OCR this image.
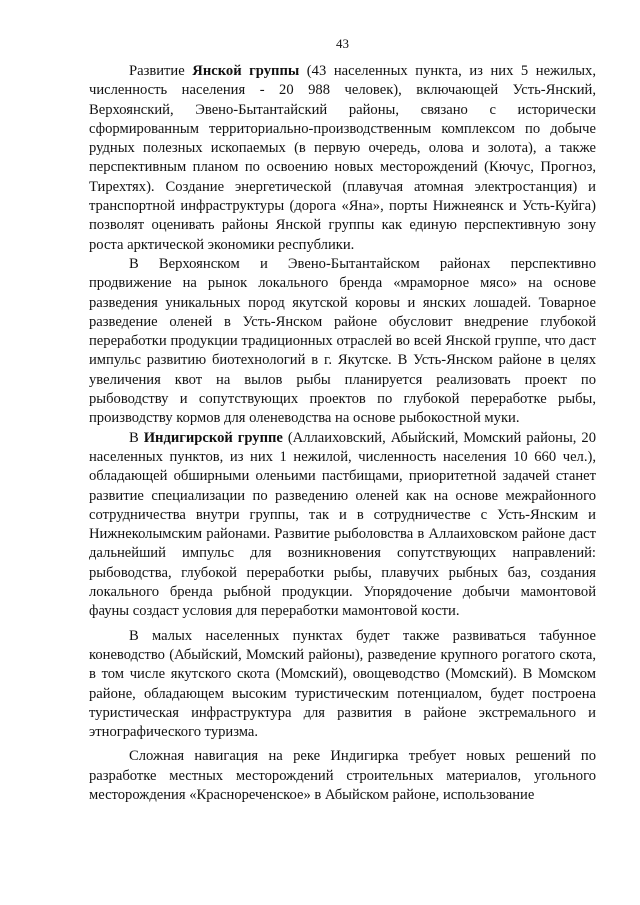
43

Развитие Янской группы (43 населенных пункта, из них 5 нежилых, численность населения - 20 988 человек), включающей Усть-Янский, Верхоянский, Эвено-Бытантайский районы, связано с исторически сформированным территориально-производственным комплексом по добыче рудных полезных ископаемых (в первую очередь, олова и золота), а также перспективным планом по освоению новых месторождений (Кючус, Прогноз, Тирехтях). Создание энергетической (плавучая атомная электростанция) и транспортной инфраструктуры (дорога «Яна», порты Нижнеянск и Усть-Куйга) позволят оценивать районы Янской группы как единую перспективную зону роста арктической экономики республики.

В Верхоянском и Эвено-Бытантайском районах перспективно продвижение на рынок локального бренда «мраморное мясо» на основе разведения уникальных пород якутской коровы и янских лошадей. Товарное разведение оленей в Усть-Янском районе обусловит внедрение глубокой переработки продукции традиционных отраслей во всей Янской группе, что даст импульс развитию биотехнологий в г. Якутске. В Усть-Янском районе в целях увеличения квот на вылов рыбы планируется реализовать проект по рыбоводству и сопутствующих проектов по глубокой переработке рыбы, производству кормов для оленеводства на основе рыбокостной муки.

В Индигирской группе (Аллаиховский, Абыйский, Момский районы, 20 населенных пунктов, из них 1 нежилой, численность населения 10 660 чел.), обладающей обширными оленьими пастбищами, приоритетной задачей станет развитие специализации по разведению оленей как на основе межрайонного сотрудничества внутри группы, так и в сотрудничестве с Усть-Янским и Нижнеколымским районами. Развитие рыболовства в Аллаиховском районе даст дальнейший импульс для возникновения сопутствующих направлений: рыбоводства, глубокой переработки рыбы, плавучих рыбных баз, создания локального бренда рыбной продукции. Упорядочение добычи мамонтовой фауны создаст условия для переработки мамонтовой кости.

В малых населенных пунктах будет также развиваться табунное коневодство (Абыйский, Момский районы), разведение крупного рогатого скота, в том числе якутского скота (Момский), овощеводство (Момский). В Момском районе, обладающем высоким туристическим потенциалом, будет построена туристическая инфраструктура для развития в районе экстремального и этнографического туризма.

Сложная навигация на реке Индигирка требует новых решений по разработке местных месторождений строительных материалов, угольного месторождения «Краснореченское» в Абыйском районе, использование
